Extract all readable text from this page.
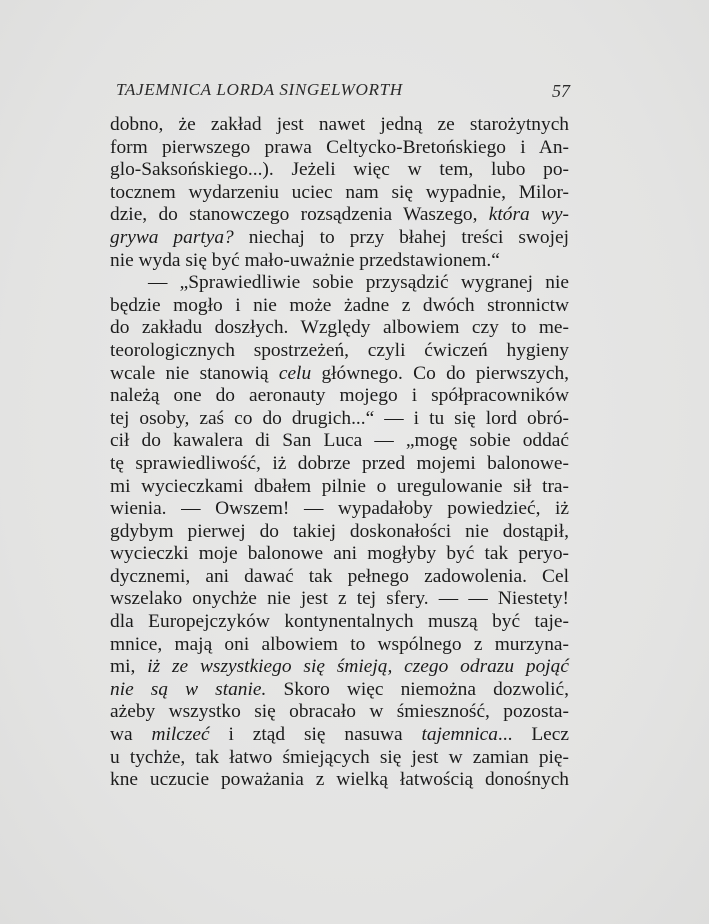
TAJEMNICA LORDA SINGELWORTH	57
dobno, że zakład jest nawet jedną ze starożytnych
form pierwszego prawa Celtycko-Bretońskiego i An-
glo-Saksońskiego...). Jeżeli więc w tem, lubo po-
tocznem wydarzeniu uciec nam się wypadnie, Milor-
dzie, do stanowczego rozsądzenia Waszego, która wy-
grywa partya? niechaj to przy błahej treści swojej
nie wyda się być mało-uważnie przedstawionem.“
— „Sprawiedliwie sobie przysądzić wygranej nie
będzie mogło i nie może żadne z dwóch stronnictw
do zakładu doszłych. Względy albowiem czy to me-
teorologicznych spostrzeżeń, czyli ćwiczeń hygieny
wcale nie stanowią celu głównego. Co do pierwszych,
należą one do aeronauty mojego i spółpracowników
tej osoby, zaś co do drugich...“ — i tu się lord obró-
cił do kawalera di San Luca — „mogę sobie oddać
tę sprawiedliwość, iż dobrze przed mojemi balonowe-
mi wycieczkami dbałem pilnie o uregulowanie sił tra-
wienia. — Owszem! — wypadałoby powiedzieć, iż
gdybym pierwej do takiej doskonałości nie dostąpił,
wycieczki moje balonowe ani mogłyby być tak peryo-
dycznemi, ani dawać tak pełnego zadowolenia. Cel
wszelako onychże nie jest z tej sfery. — — Niestety!
dla Europejczyków kontynentalnych muszą być taje-
mnice, mają oni albowiem to wspólnego z murzyna-
mi, iż ze wszystkiego się śmieją, czego odrazu pojąć
nie są w stanie. Skoro więc niemożna dozwolić,
ażeby wszystko się obracało w śmieszność, pozosta-
wa milczeć i ztąd się nasuwa tajemnica... Lecz
u tychże, tak łatwo śmiejących się jest w zamian pię-
kne uczucie poważania z wielką łatwością donośnych
